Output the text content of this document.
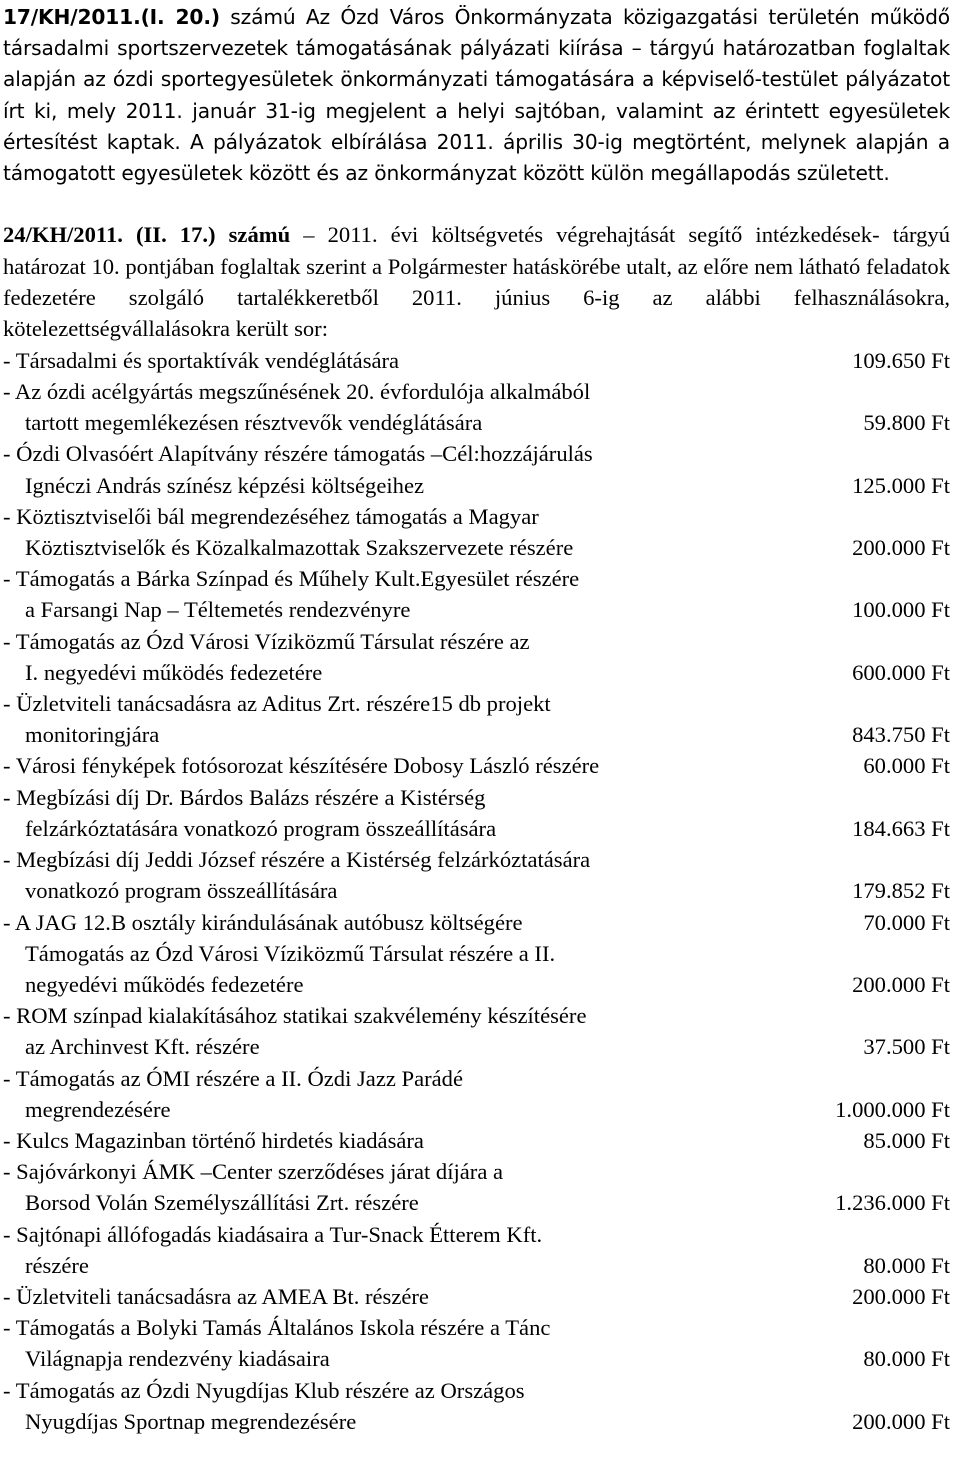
17/KH/2011.(I. 20.) számú Az Ózd Város Önkormányzata közigazgatási területén működő társadalmi sportszervezetek támogatásának pályázati kiírása – tárgyú határozatban foglaltak alapján az ózdi sportegyesületek önkormányzati támogatására a képviselő-testület pályázatot írt ki, mely 2011. január 31-ig megjelent a helyi sajtóban, valamint az érintett egyesületek értesítést kaptak. A pályázatok elbírálása 2011. április 30-ig megtörtént, melynek alapján a támogatott egyesületek között és az önkormányzat között külön megállapodás született.

24/KH/2011. (II. 17.) számú – 2011. évi költségvetés végrehajtását segítő intézkedések- tárgyú határozat 10. pontjában foglaltak szerint a Polgármester hatáskörébe utalt, az előre nem látható feladatok fedezetére szolgáló tartalékkeretből 2011. június 6-ig az alábbi felhasználásokra, kötelezettségvállalásokra került sor:

- Társadalmi és sportaktívák vendéglátására	109.650 Ft
- Az ózdi acélgyártás megszűnésének 20. évfordulója alkalmából
tartott megemlékezésen résztvevők vendéglátására	59.800 Ft
- Ózdi Olvasóért Alapítvány részére támogatás –Cél:hozzájárulás
Ignéczi András színész képzési költségeihez	125.000 Ft
- Köztisztviselői bál megrendezéséhez támogatás a Magyar
Köztisztviselők és Közalkalmazottak Szakszervezete részére	200.000 Ft
- Támogatás a Bárka Színpad és Műhely Kult.Egyesület részére
a Farsangi Nap – Téltemetés rendezvényre	100.000 Ft
- Támogatás az Ózd Városi Víziközmű Társulat részére az
I. negyedévi működés fedezetére	600.000 Ft
- Üzletviteli tanácsadásra az Aditus Zrt. részére15 db projekt
monitoringjára	843.750 Ft
- Városi fényképek fotósorozat készítésére Dobosy László részére	60.000 Ft
- Megbízási díj Dr. Bárdos Balázs részére a Kistérség
felzárkóztatására vonatkozó program összeállítására	184.663 Ft
- Megbízási díj Jeddi József részére a Kistérség felzárkóztatására
vonatkozó program összeállítására	179.852 Ft
- A JAG 12.B osztály kirándulásának autóbusz költségére	70.000 Ft
Támogatás az Ózd Városi Víziközmű Társulat részére a II.
negyedévi működés fedezetére	200.000 Ft
- ROM színpad kialakításához statikai szakvélemény készítésére
az Archinvest Kft. részére	37.500 Ft
- Támogatás az ÓMI részére a II. Ózdi Jazz Parádé
megrendezésére	1.000.000 Ft
- Kulcs Magazinban történő hirdetés kiadására	85.000 Ft
- Sajóvárkonyi ÁMK –Center szerződéses járat díjára a
Borsod Volán Személyszállítási Zrt. részére	1.236.000 Ft
- Sajtónapi állófogadás kiadásaira a Tur-Snack Étterem Kft.
részére	80.000 Ft
- Üzletviteli tanácsadásra az AMEA Bt. részére	200.000 Ft
- Támogatás a Bolyki Tamás Általános Iskola részére a Tánc
Világnapja rendezvény kiadásaira	80.000 Ft
- Támogatás az Ózdi Nyugdíjas Klub részére az Országos
Nyugdíjas Sportnap megrendezésére	200.000 Ft
